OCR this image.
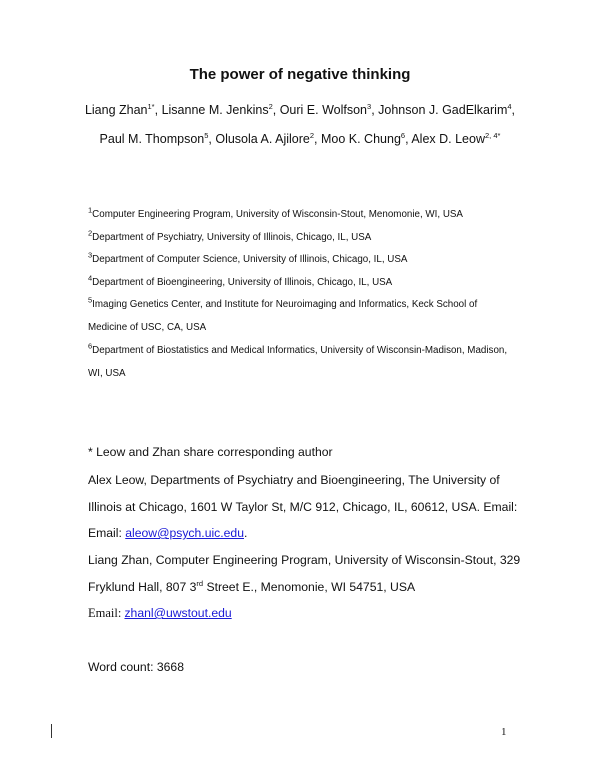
The power of negative thinking
Liang Zhan$^{1*}$, Lisanne M. Jenkins$^2$, Ouri E. Wolfson$^3$, Johnson J. GadElkarim$^4$,
Paul M. Thompson$^5$, Olusola A. Ajilore$^2$, Moo K. Chung$^6$, Alex D. Leow$^{2, 4*}$
$^1$Computer Engineering Program, University of Wisconsin-Stout, Menomonie, WI, USA
$^2$Department of Psychiatry, University of Illinois, Chicago, IL, USA
$^3$Department of Computer Science, University of Illinois, Chicago, IL, USA
$^4$Department of Bioengineering, University of Illinois, Chicago, IL, USA
$^5$Imaging Genetics Center, and Institute for Neuroimaging and Informatics, Keck School of
Medicine of USC, CA, USA
$^6$Department of Biostatistics and Medical Informatics, University of Wisconsin-Madison, Madison,
WI, USA
* Leow and Zhan share corresponding author
Alex Leow, Departments of Psychiatry and Bioengineering, The University of
Illinois at Chicago, 1601 W Taylor St, M/C 912, Chicago, IL, 60612, USA. Email:
Email: aleow@psych.uic.edu.
Liang Zhan, Computer Engineering Program, University of Wisconsin-Stout, 329
Fryklund Hall, 807 3rd Street E., Menomonie, WI 54751, USA
Email: zhanl@uwstout.edu
Word count: 3668
1
